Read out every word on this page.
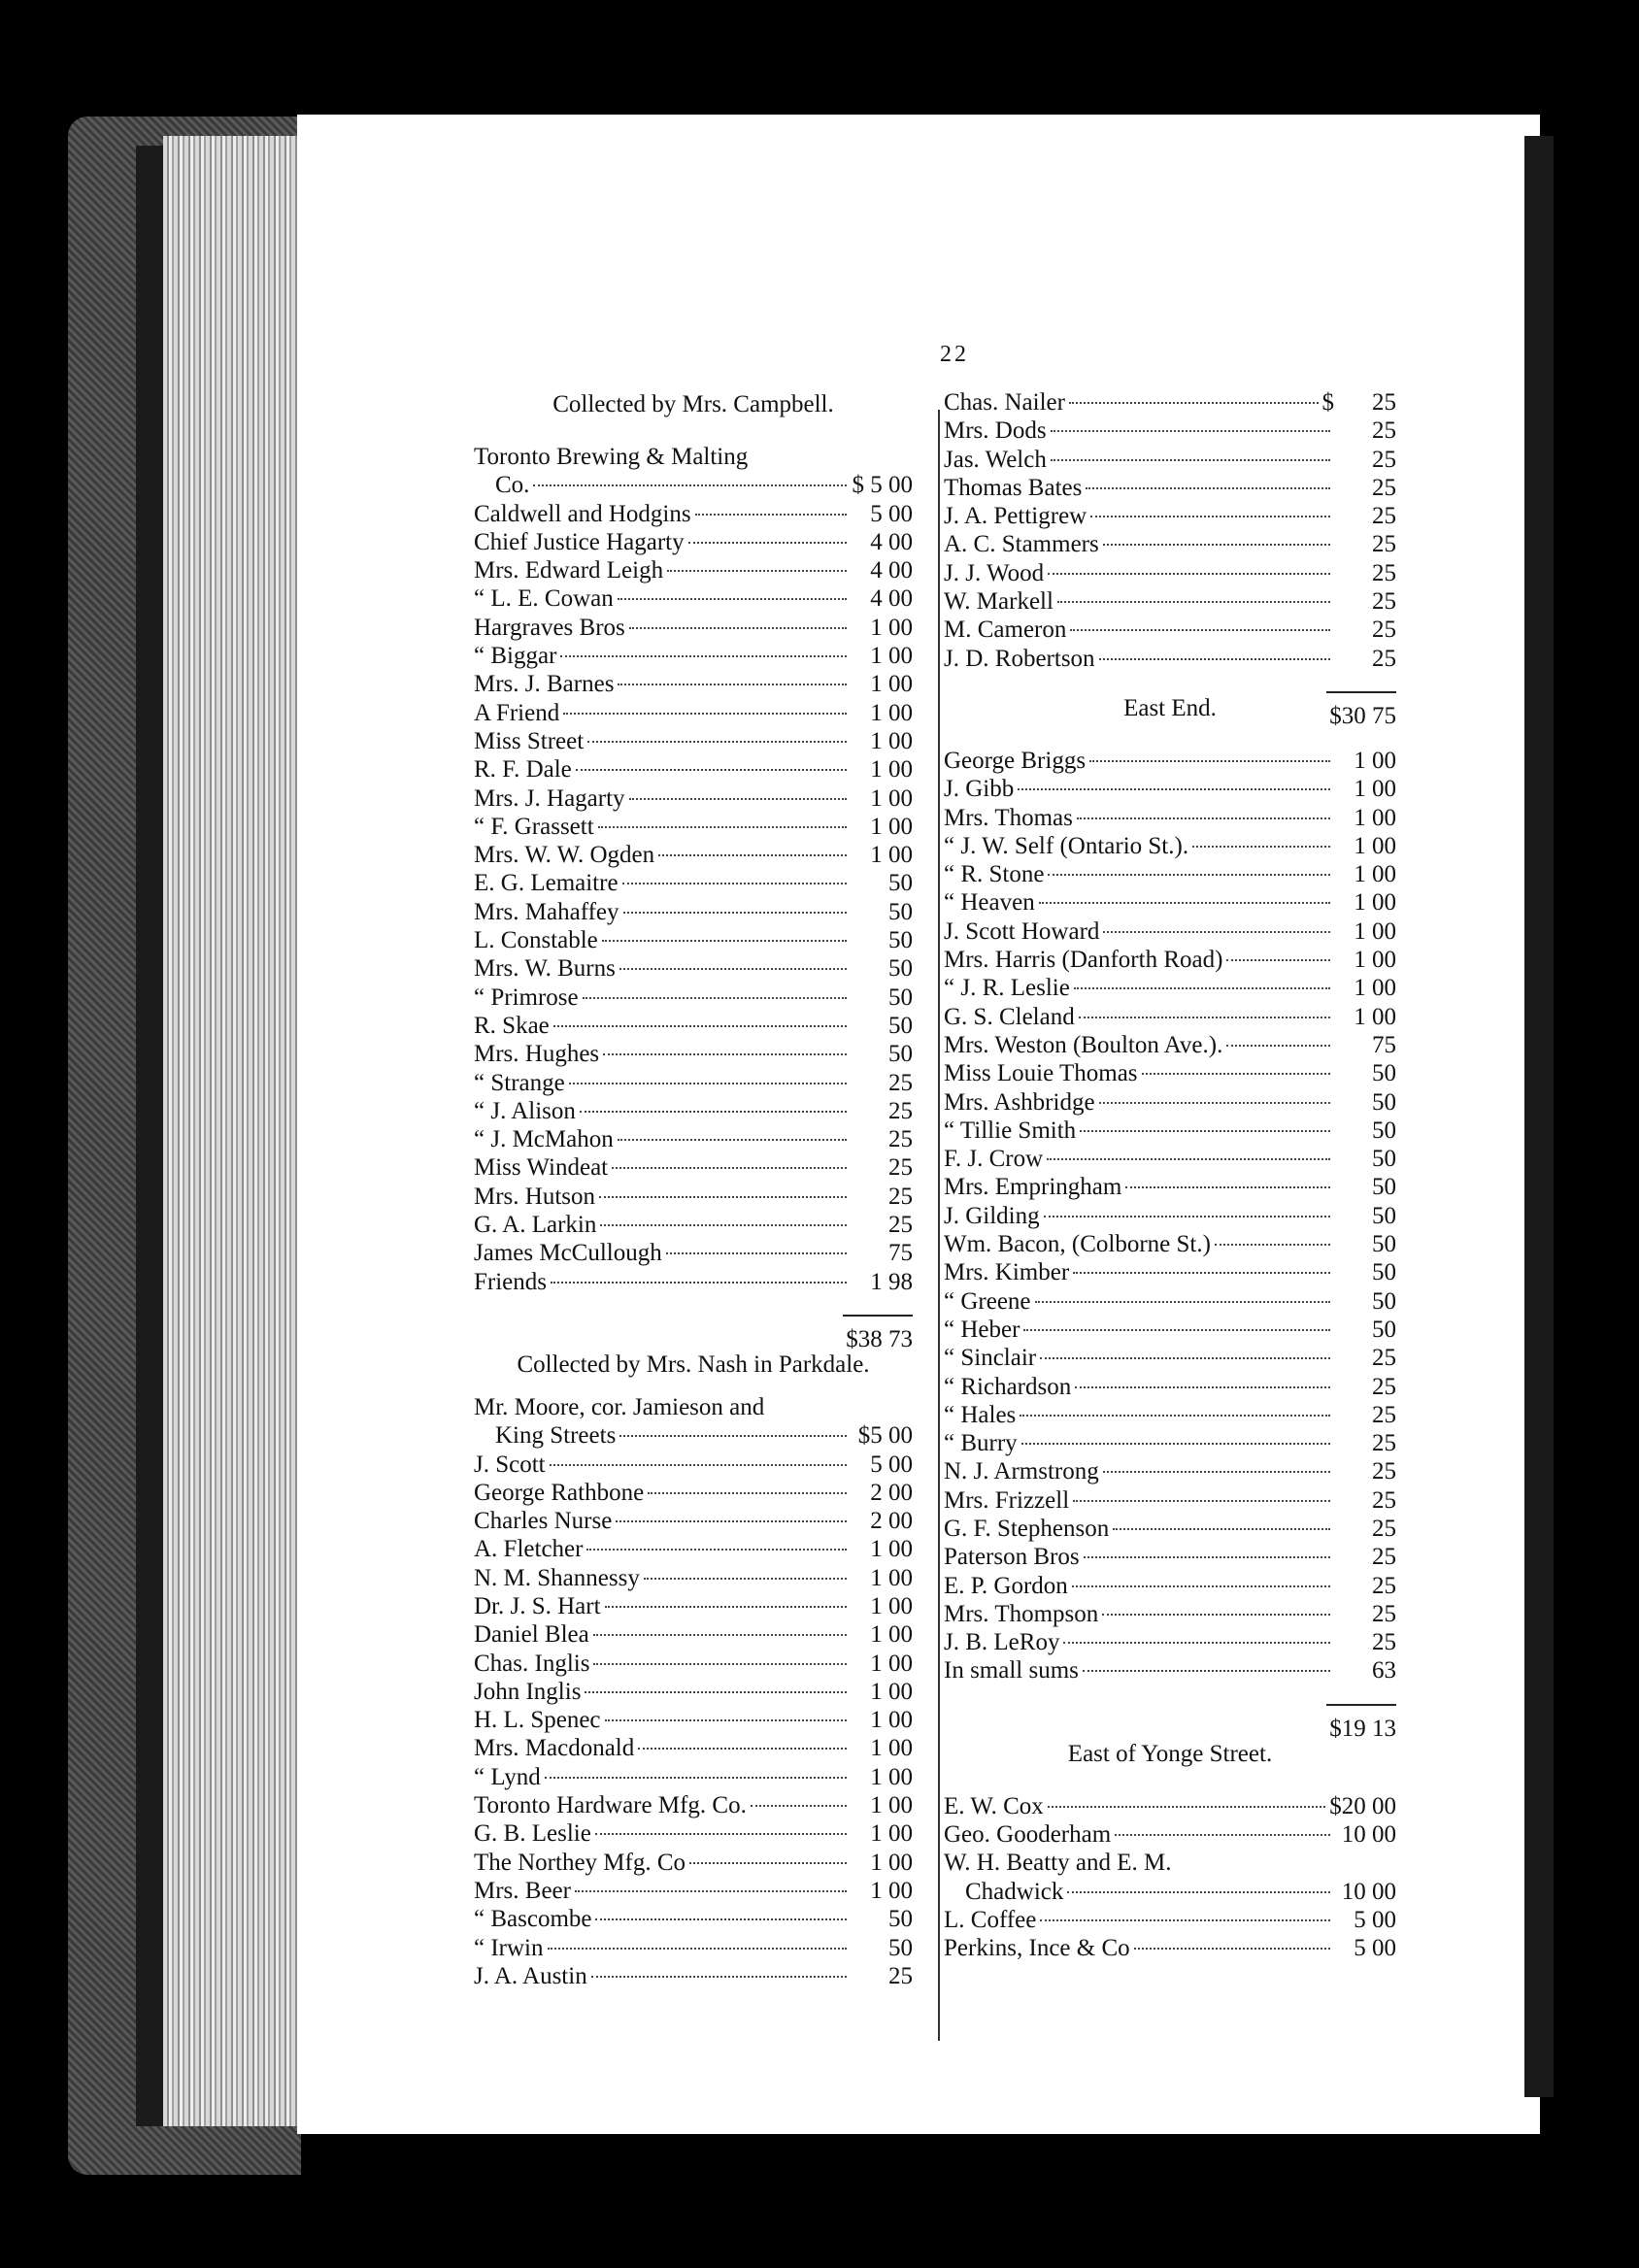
22
Collected by Mrs. Campbell.
Toronto Brewing & Malting
Co.	$ 5 00
Caldwell and Hodgins	5 00
Chief Justice Hagarty	4 00
Mrs. Edward Leigh	4 00
“ L. E. Cowan	4 00
Hargraves Bros	1 00
“ Biggar	1 00
Mrs. J. Barnes	1 00
A Friend	1 00
Miss Street	1 00
R. F. Dale	1 00
Mrs. J. Hagarty	1 00
“ F. Grassett	1 00
Mrs. W. W. Ogden	1 00
E. G. Lemaitre	50
Mrs. Mahaffey	50
L. Constable	50
Mrs. W. Burns	50
“ Primrose	50
R. Skae	50
Mrs. Hughes	50
“ Strange	25
“ J. Alison	25
“ J. McMahon	25
Miss Windeat	25
Mrs. Hutson	25
G. A. Larkin	25
James McCullough	75
Friends	1 98

$38 73
Collected by Mrs. Nash in Parkdale.
Mr. Moore, cor. Jamieson and
King Streets	$5 00
J. Scott	5 00
George Rathbone	2 00
Charles Nurse	2 00
A. Fletcher	1 00
N. M. Shannessy	1 00
Dr. J. S. Hart	1 00
Daniel Blea	1 00
Chas. Inglis	1 00
John Inglis	1 00
H. L. Spenec	1 00
Mrs. Macdonald	1 00
“ Lynd	1 00
Toronto Hardware Mfg. Co.	1 00
G. B. Leslie	1 00
The Northey Mfg. Co	1 00
Mrs. Beer	1 00
“ Bascombe	50
“ Irwin	50
J. A. Austin	25
Chas. Nailer	$	25
Mrs. Dods	25
Jas. Welch	25
Thomas Bates	25
J. A. Pettigrew	25
A. C. Stammers	25
J. J. Wood	25
W. Markell	25
M. Cameron	25
J. D. Robertson	25

$30 75
East End.
George Briggs	1 00
J. Gibb	1 00
Mrs. Thomas	1 00
“ J. W. Self (Ontario St.).	1 00
“ R. Stone	1 00
“ Heaven	1 00
J. Scott Howard	1 00
Mrs. Harris (Danforth Road)	1 00
“ J. R. Leslie	1 00
G. S. Cleland	1 00
Mrs. Weston (Boulton Ave.).	75
Miss Louie Thomas	50
Mrs. Ashbridge	50
“ Tillie Smith	50
F. J. Crow	50
Mrs. Empringham	50
J. Gilding	50
Wm. Bacon, (Colborne St.)	50
Mrs. Kimber	50
“ Greene	50
“ Heber	50
“ Sinclair	25
“ Richardson	25
“ Hales	25
“ Burry	25
N. J. Armstrong	25
Mrs. Frizzell	25
G. F. Stephenson	25
Paterson Bros	25
E. P. Gordon	25
Mrs. Thompson	25
J. B. LeRoy	25
In small sums	63

$19 13
East of Yonge Street.
E. W. Cox	$20 00
Geo. Gooderham	10 00
W. H. Beatty and E. M.
Chadwick	10 00
L. Coffee	5 00
Perkins, Ince & Co	5 00
